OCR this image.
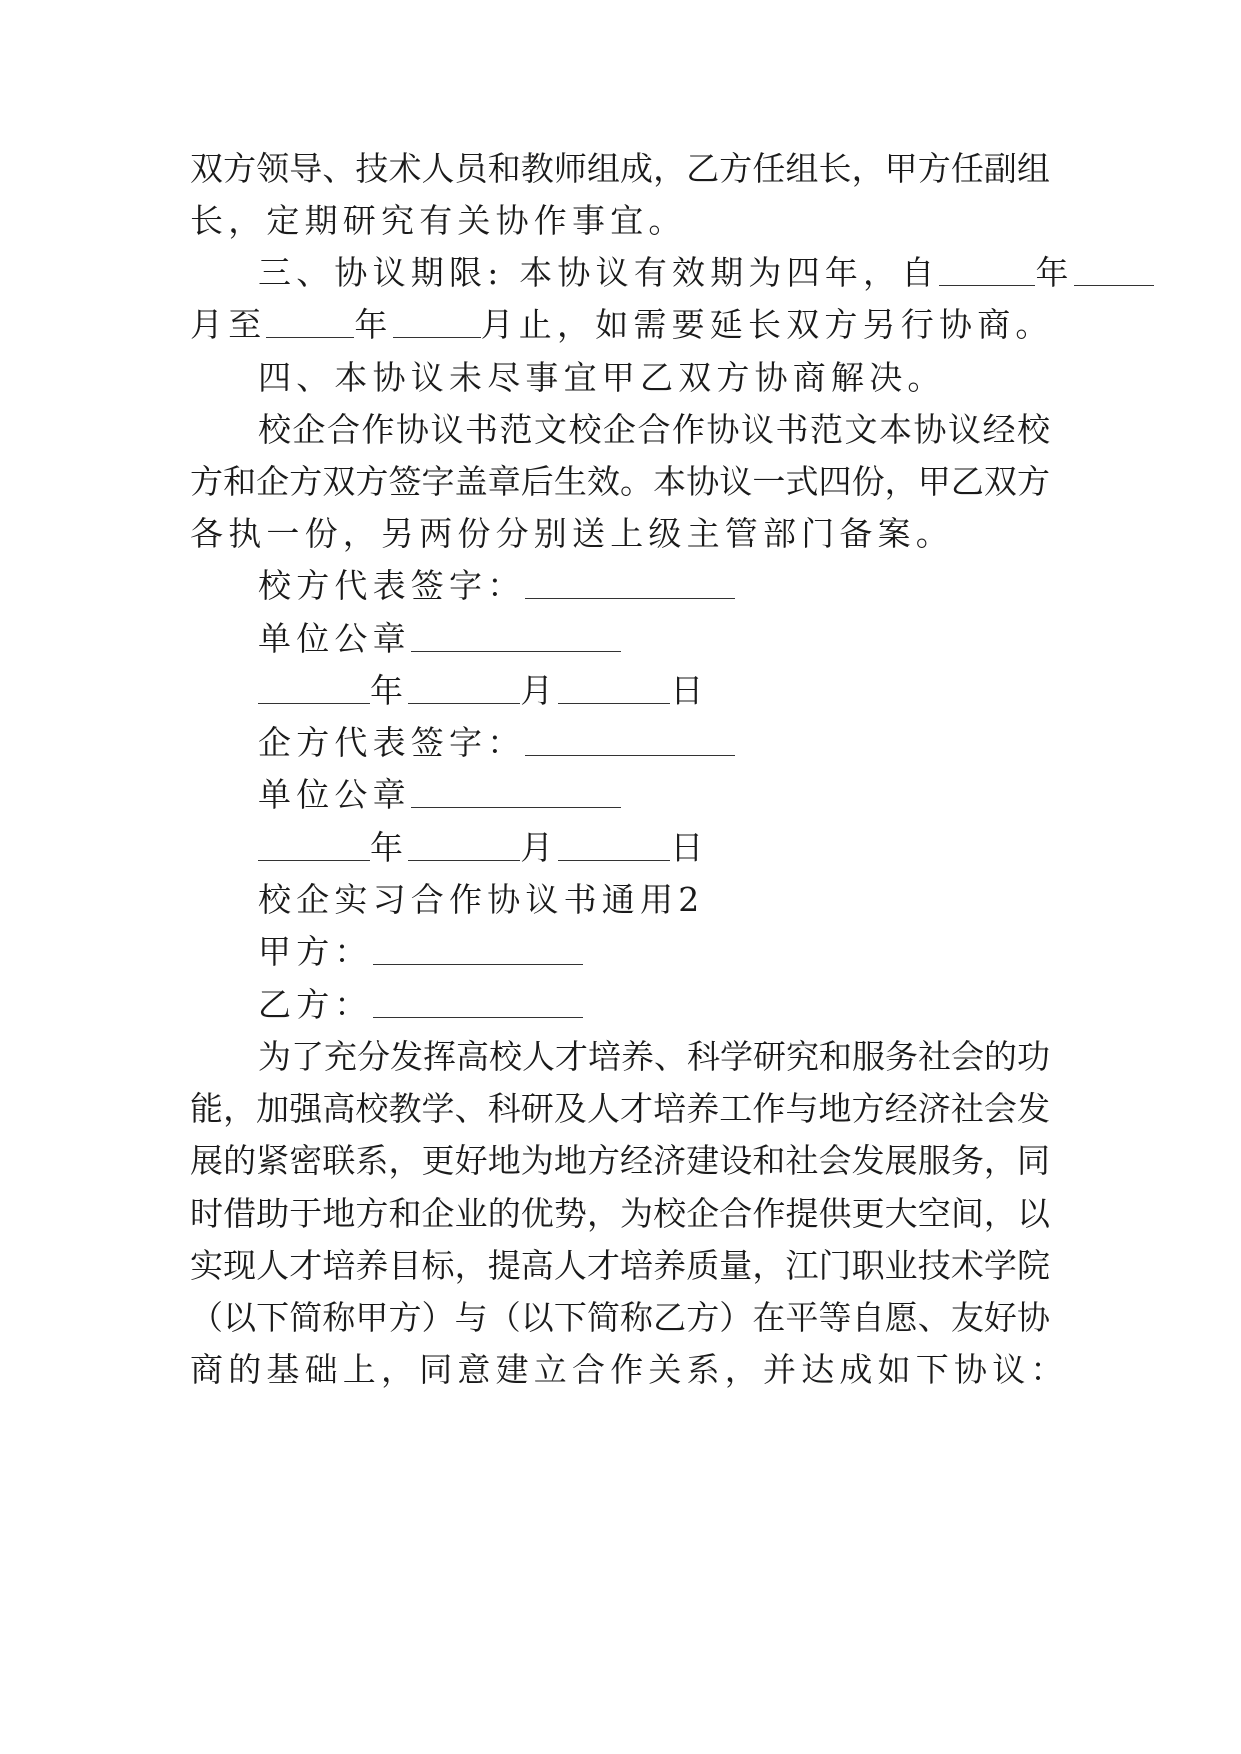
双方领导、技术人员和教师组成，乙方任组长，甲方任副组
长，定期研究有关协作事宜。
三、协议期限: 本协议有效期为四年，自	年
月至	年	月止，如需要延长双方另行协商。
四、本协议未尽事宜甲乙双方协商解决。
校企合作协议书范文校企合作协议书范文本协议经校
方和企方双方签字盖章后生效。本协议一式四份，甲乙双方
各执一份，另两份分别送上级主管部门备案。
校方代表签字：
单位公章
年	月	日
企方代表签字：
单位公章
年	月	日
校企实习合作协议书通用2
甲方：
乙方：
为了充分发挥高校人才培养、科学研究和服务社会的功
能，加强高校教学、科研及人才培养工作与地方经济社会发
展的紧密联系，更好地为地方经济建设和社会发展服务，同
时借助于地方和企业的优势，为校企合作提供更大空间，以
实现人才培养目标，提高人才培养质量，江门职业技术学院
（以下简称甲方）与（以下简称乙方）在平等自愿、友好协
商的基础上，同意建立合作关系，并达成如下协议：
